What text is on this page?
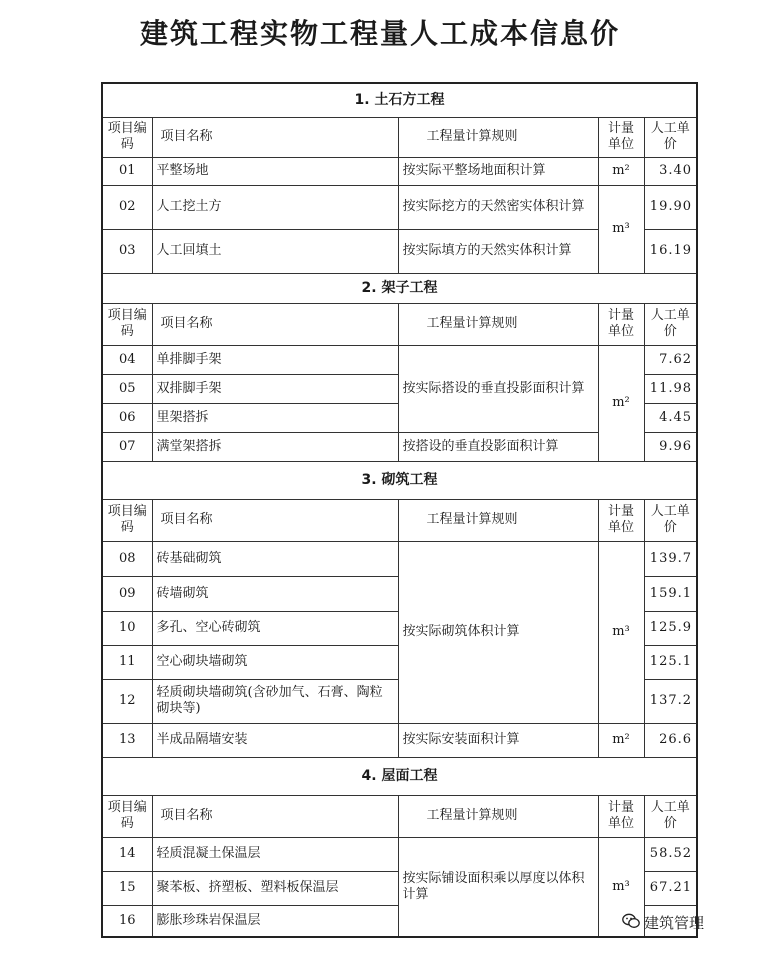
建筑工程实物工程量人工成本信息价
1. 土石方工程				
项目编码	项目名称	工程量计算规则	计量单位	人工单价
01	平整场地	按实际平整场地面积计算	m²	3.40
02	人工挖土方	按实际挖方的天然密实体积计算	m³	19.90
03	人工回填土	按实际填方的天然实体积计算		16.19
2. 架子工程				
项目编码	项目名称	工程量计算规则	计量单位	人工单价
04	单排脚手架	按实际搭设的垂直投影面积计算	m²	7.62
05	双排脚手架			11.98
06	里架搭拆			4.45
07	满堂架搭拆	按搭设的垂直投影面积计算		9.96
3. 砌筑工程				
项目编码	项目名称	工程量计算规则	计量单位	人工单价
08	砖基础砌筑	按实际砌筑体积计算	m³	139.7
09	砖墙砌筑			159.1
10	多孔、空心砖砌筑			125.9
11	空心砌块墙砌筑			125.1
12	轻质砌块墙砌筑(含砂加气、石膏、陶粒砌块等)			137.2
13	半成品隔墙安装	按实际安装面积计算	m²	26.6
4. 屋面工程				
项目编码	项目名称	工程量计算规则	计量单位	人工单价
14	轻质混凝土保温层	按实际铺设面积乘以厚度以体积计算	m³	58.52
15	聚苯板、挤塑板、塑料板保温层			67.21
16	膨胀珍珠岩保温层				建筑管理
